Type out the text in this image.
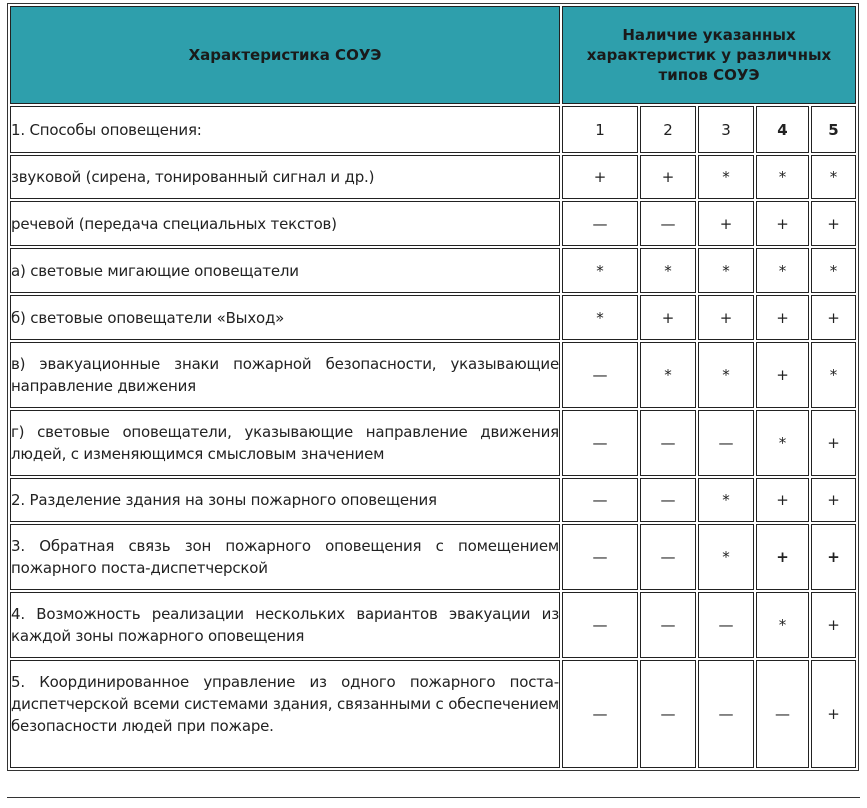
Характеристика СОУЭ	Наличие указанных характеристик у различных типов СОУЭ				
1. Способы оповещения:	1	2	3	4	5
звуковой (сирена, тонированный сигнал и др.)	+	+	*	*	*
речевой (передача специальных текстов)	—	—	+	+	+
а) световые мигающие оповещатели	*	*	*	*	*
б) световые оповещатели «Выход»	*	+	+	+	+
в) эвакуационные знаки пожарной безопасности, указывающие направление движения	—	*	*	+	*
г) световые оповещатели, указывающие направление движения людей, с изменяющимся смысловым значением	—	—	—	*	+
2. Разделение здания на зоны пожарного оповещения	—	—	*	+	+
3. Обратная связь зон пожарного оповещения с помещением пожарного поста-диспетчерской	—	—	*	+	+
4. Возможность реализации нескольких вариантов эвакуации из каждой зоны пожарного оповещения	—	—	—	*	+
5. Координированное управление из одного пожарного поста-диспетчерской всеми системами здания, связанными с обеспечением безопасности людей при пожаре.	—	—	—	—	+
